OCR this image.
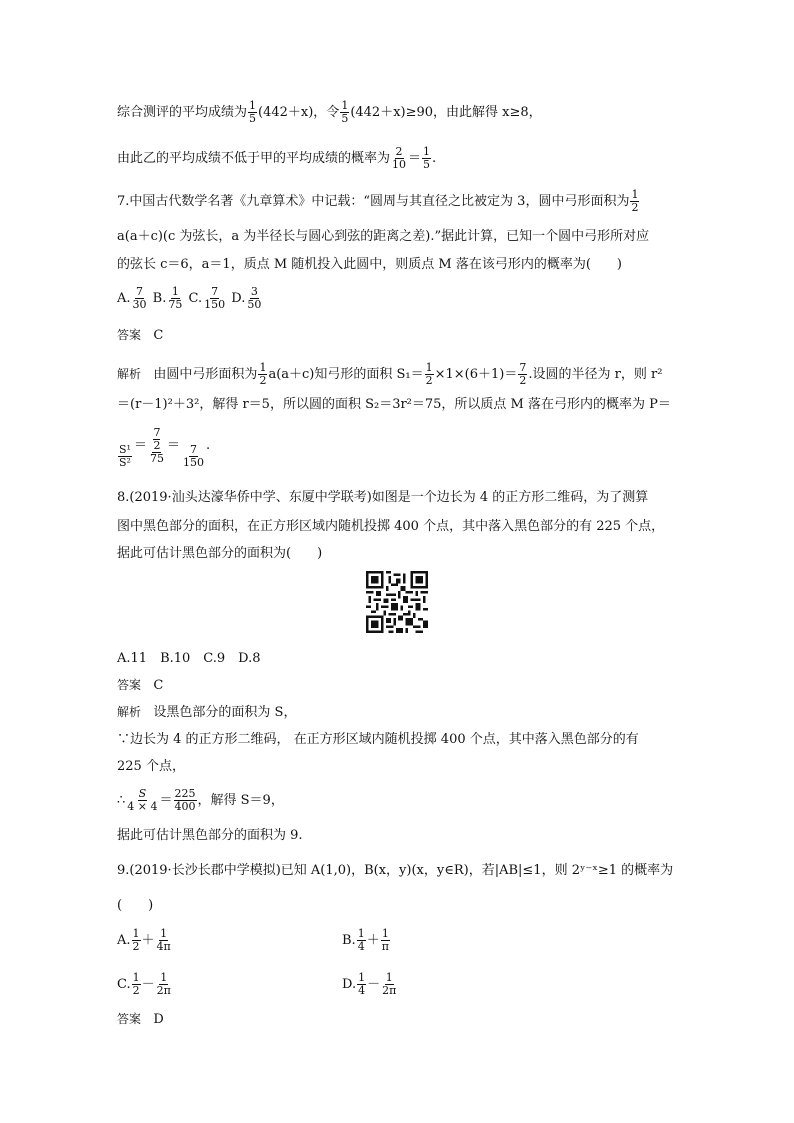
综合测评的平均成绩为 $\frac{1}{5} (442+x)$，令 $\frac{1}{5} (442+x)\ge 90$，由此解得 x≥8，
由此乙的平均成绩不低于甲的平均成绩的概率为 $\frac{2}{10} = \frac{1}{5}$ .
7.中国古代数学名著《九章算术》中记载：“圆周与其直径之比被定为 3，圆中弓形面积为 $\frac{1}{2}$
a(a＋c)(c 为弦长，a 为半径长与圆心到弦的距离之差).”据此计算，已知一个圆中弓形所对应
的弦长 c＝6，a＝1，质点 M 随机投入此圆中，则质点 M 落在该弓形内的概率为(　　)
A. $\frac{7}{30} B$. $\frac{1}{75} C$. $\frac{7}{150} D$. $\frac{3}{50}$
答案 C
解析 由圆中弓形面积为 $\frac{1}{2} a(a+c)$知弓形的面积 $S_1= \frac{1}{2} \times 1\times(6+1)= \frac{7}{2}$ .设圆的半径为 r，则 r²
＝(r－1)²＋3²，解得 r＝5，所以圆的面积 S₂＝3r²＝75，所以质点 M 落在弓形内的概率为 P＝
$\frac{\text{S¹}}{\text{S²}} = \frac{\frac{7}{2}}{75} = \frac{7}{150}$ .
8.(2019·汕头达濠华侨中学、东厦中学联考)如图是一个边长为 4 的正方形二维码，为了测算
图中黑色部分的面积，在正方形区域内随机投掷 400 个点，其中落入黑色部分的有 225 个点，
据此可估计黑色部分的面积为(　　)
A.11　B.10　C.9　D.8
答案 C
解析 设黑色部分的面积为 S，
∵边长为 4 的正方形二维码， 在正方形区域内随机投掷 400 个点，其中落入黑色部分的有
225 个点，
∴ $\frac{S}{4 \times 4} = \frac{225}{400}$ ，解得 S＝9，
据此可估计黑色部分的面积为 9.
9.(2019·长沙长郡中学模拟)已知 A(1,0)，B(x，y)(x，y∈R)，若|AB|≤1，则 2ʸ⁻ˣ≥1 的概率为
(　　)
A. $\frac{1}{2} + \frac{1}{4\pi}$	B. $\frac{1}{4} + \frac{1}{\pi}$
C. $\frac{1}{2} - \frac{1}{2\pi}$	D. $\frac{1}{4} - \frac{1}{2\pi}$
答案 D
